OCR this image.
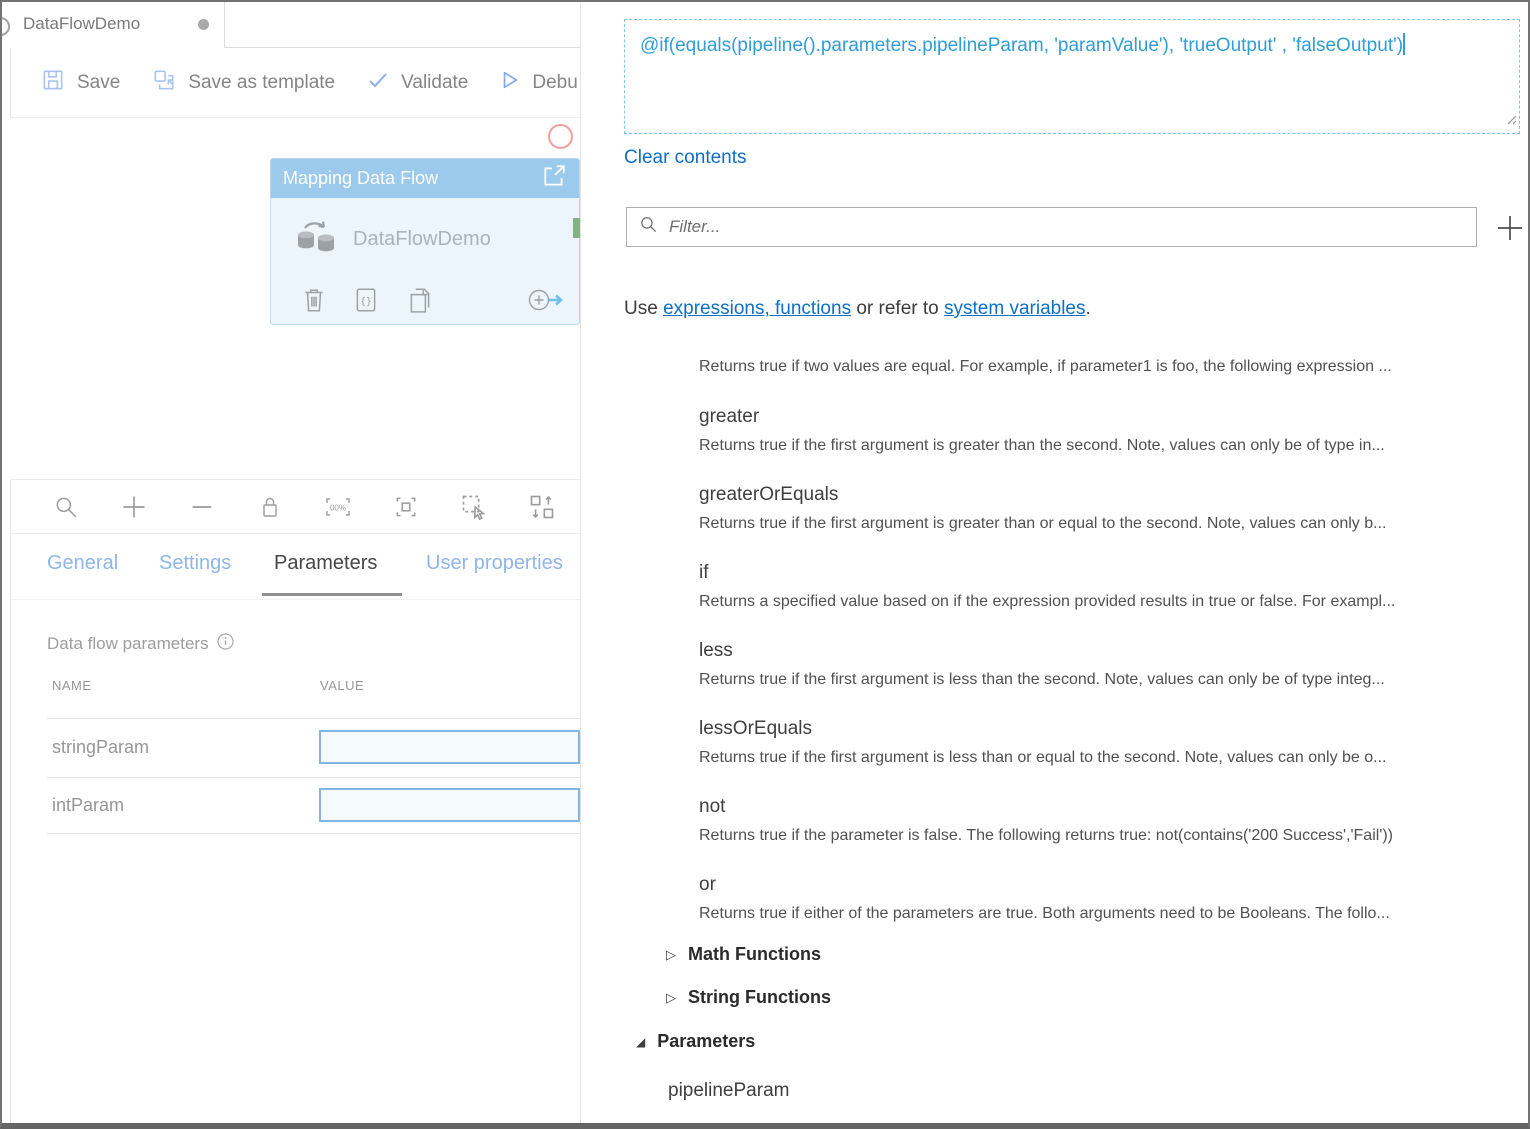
DataFlowDemo
Save	Save as template	Validate	Debu
Mapping Data Flow
DataFlowDemo
{}
00%
General Settings Parameters User properties
Data flow parameters
NAME	VALUE
stringParam
intParam
@if(equals(pipeline().parameters.pipelineParam, 'paramValue'), 'trueOutput' , 'falseOutput')
Clear contents
Filter...
Use expressions, functions or refer to system variables.
Returns true if two values are equal. For example, if parameter1 is foo, the following expression ...
greater
Returns true if the first argument is greater than the second. Note, values can only be of type in...
greaterOrEquals
Returns true if the first argument is greater than or equal to the second. Note, values can only b...
if
Returns a specified value based on if the expression provided results in true or false. For exampl...
less
Returns true if the first argument is less than the second. Note, values can only be of type integ...
lessOrEquals
Returns true if the first argument is less than or equal to the second. Note, values can only be o...
not
Returns true if the parameter is false. The following returns true: not(contains('200 Success','Fail'))
or
Returns true if either of the parameters are true. Both arguments need to be Booleans. The follo...
▷ Math Functions
▷ String Functions
◢ Parameters
pipelineParam
